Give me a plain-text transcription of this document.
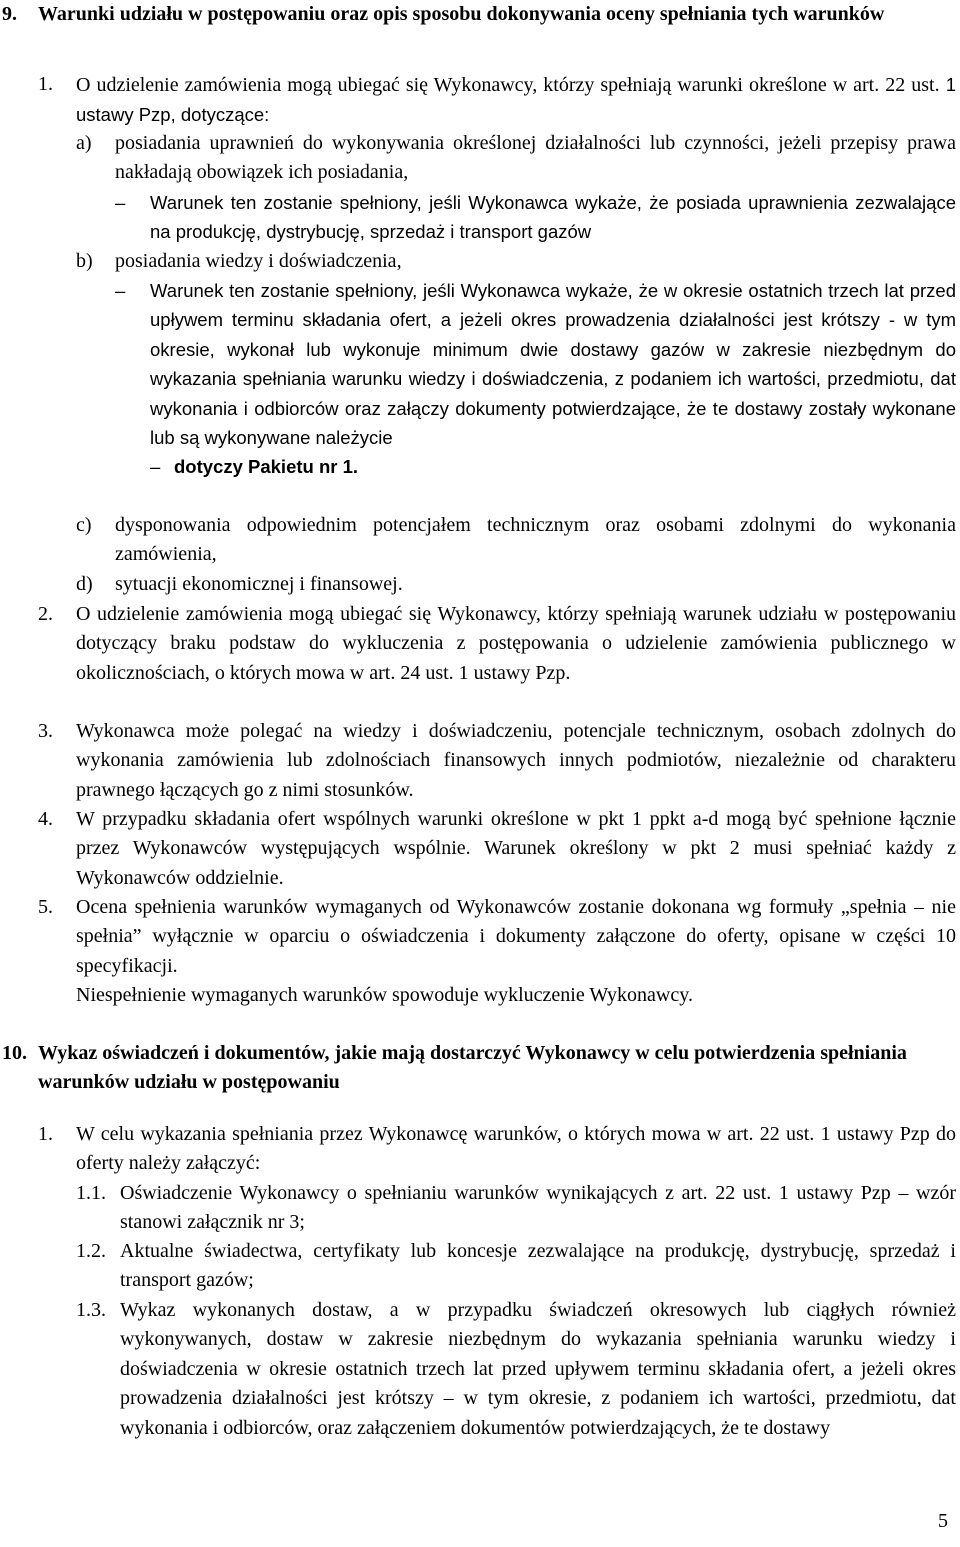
9. Warunki udziału w postępowaniu oraz opis sposobu dokonywania oceny spełniania tych warunków
1. O udzielenie zamówienia mogą ubiegać się Wykonawcy, którzy spełniają warunki określone w art. 22 ust. 1 ustawy Pzp, dotyczące:
a) posiadania uprawnień do wykonywania określonej działalności lub czynności, jeżeli przepisy prawa nakładają obowiązek ich posiadania,
–	Warunek ten zostanie spełniony, jeśli Wykonawca wykaże, że posiada uprawnienia zezwalające na produkcję, dystrybucję, sprzedaż i transport gazów
b) posiadania wiedzy i doświadczenia,
–	Warunek ten zostanie spełniony, jeśli Wykonawca wykaże, że w okresie ostatnich trzech lat przed upływem terminu składania ofert, a jeżeli okres prowadzenia działalności jest krótszy - w tym okresie, wykonał lub wykonuje minimum dwie dostawy gazów w zakresie niezbędnym do wykazania spełniania warunku wiedzy i doświadczenia, z podaniem ich wartości, przedmiotu, dat wykonania i odbiorców oraz załączy dokumenty potwierdzające, że te dostawy zostały wykonane lub są wykonywane należycie
– dotyczy Pakietu nr 1.
c) dysponowania odpowiednim potencjałem technicznym oraz osobami zdolnymi do wykonania zamówienia,
d) sytuacji ekonomicznej i finansowej.
2. O udzielenie zamówienia mogą ubiegać się Wykonawcy, którzy spełniają warunek udziału w postępowaniu dotyczący braku podstaw do wykluczenia z postępowania o udzielenie zamówienia publicznego w okolicznościach, o których mowa w art. 24 ust. 1 ustawy Pzp.
3. Wykonawca może polegać na wiedzy i doświadczeniu, potencjale technicznym, osobach zdolnych do wykonania zamówienia lub zdolnościach finansowych innych podmiotów, niezależnie od charakteru prawnego łączących go z nimi stosunków.
4. W przypadku składania ofert wspólnych warunki określone w pkt 1 ppkt a-d mogą być spełnione łącznie przez Wykonawców występujących wspólnie. Warunek określony w pkt 2 musi spełniać każdy z Wykonawców oddzielnie.
5. Ocena spełnienia warunków wymaganych od Wykonawców zostanie dokonana wg formuły „spełnia – nie spełnia” wyłącznie w oparciu o oświadczenia i dokumenty załączone do oferty, opisane w części 10 specyfikacji.
Niespełnienie wymaganych warunków spowoduje wykluczenie Wykonawcy.
10. Wykaz oświadczeń i dokumentów, jakie mają dostarczyć Wykonawcy w celu potwierdzenia spełniania warunków udziału w postępowaniu
1. W celu wykazania spełniania przez Wykonawcę warunków, o których mowa w art. 22 ust. 1 ustawy Pzp do oferty należy załączyć:
1.1. Oświadczenie Wykonawcy o spełnianiu warunków wynikających z art. 22 ust. 1 ustawy Pzp – wzór stanowi załącznik nr 3;
1.2. Aktualne świadectwa, certyfikaty lub koncesje zezwalające na produkcję, dystrybucję, sprzedaż i transport gazów;
1.3. Wykaz wykonanych dostaw, a w przypadku świadczeń okresowych lub ciągłych również wykonywanych, dostaw w zakresie niezbędnym do wykazania spełniania warunku wiedzy i doświadczenia w okresie ostatnich trzech lat przed upływem terminu składania ofert, a jeżeli okres prowadzenia działalności jest krótszy – w tym okresie, z podaniem ich wartości, przedmiotu, dat wykonania i odbiorców, oraz załączeniem dokumentów potwierdzających, że te dostawy
5
